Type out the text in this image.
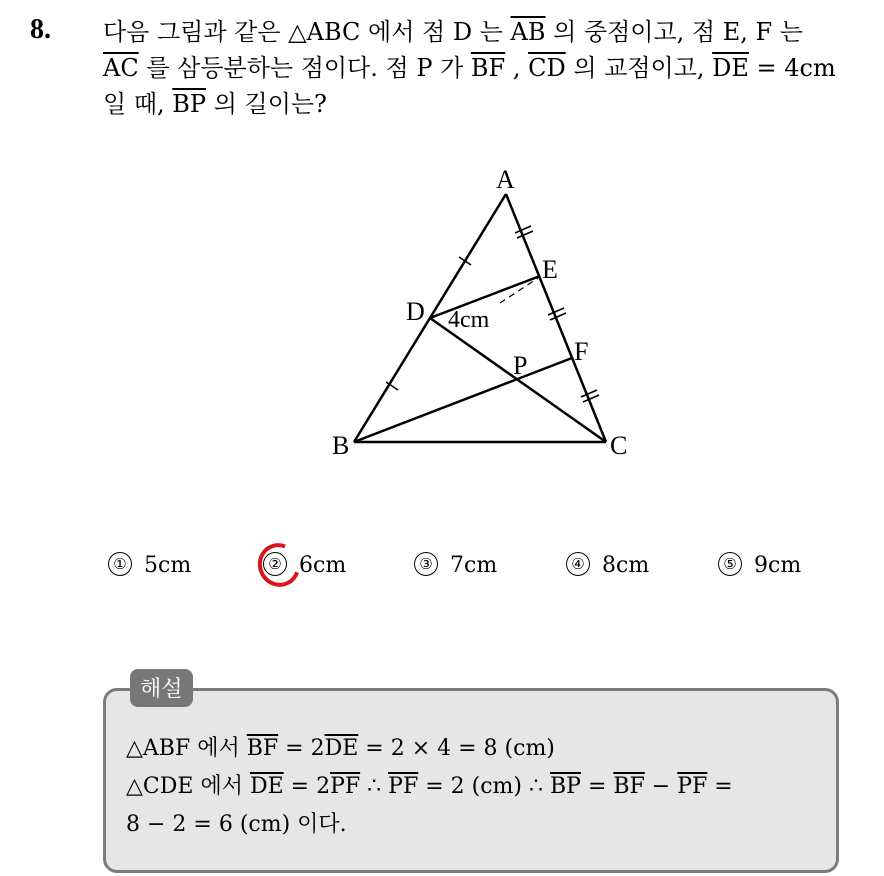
8. 다음 그림과 같은 △ABC 에서 점 D 는 $\overline{AB}$ 의 중점이고, 점 E, F 는
$\overline{AC}$ 를 삼등분하는 점이다. 점 P 가 $\overline{BF}$ , $\overline{CD}$ 의 교점이고, $\overline{DE} = 4cm$
일 때, $\overline{BP}$ 의 길이는?
A
B	C
D
E
F
P
4cm
① 5cm	② 6cm	③ 7cm	④ 8cm	⑤ 9cm
해설
△ABF 에서 $\overline{BF} = 2\overline{DE} = 2 \times 4 = 8$ (cm)
△CDE 에서 $\overline{DE} = 2\overline{PF}$ ∴ $\overline{PF} = 2$ (cm) ∴ $\overline{BP} = \overline{BF} - \overline{PF}$ =
8 − 2 = 6 (cm) 이다.
